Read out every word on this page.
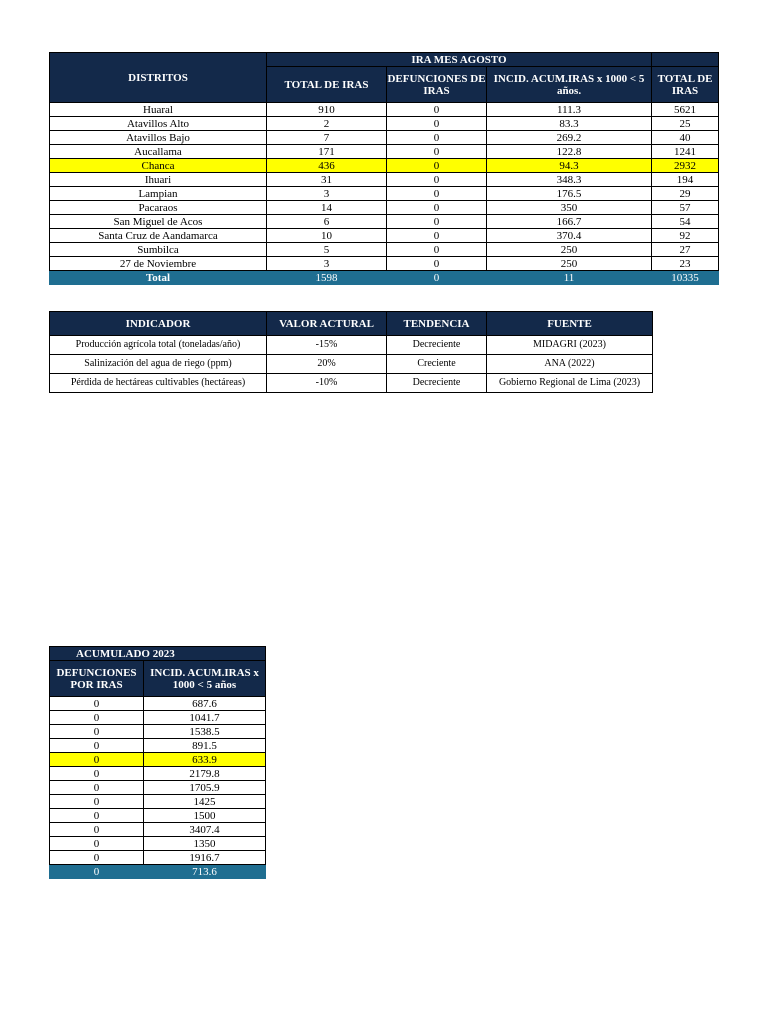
DISTRITOS	IRA MES AGOSTO			
	TOTAL DE IRAS	DEFUNCIONES DE IRAS	INCID. ACUM.IRAS x 1000 < 5 años.	TOTAL DE IRAS
Huaral	910	0	111.3	5621
Atavillos Alto	2	0	83.3	25
Atavillos Bajo	7	0	269.2	40
Aucallama	171	0	122.8	1241
Chanca	436	0	94.3	2932
Ihuari	31	0	348.3	194
Lampian	3	0	176.5	29
Pacaraos	14	0	350	57
San Miguel de Acos	6	0	166.7	54
Santa Cruz de Aandamarca	10	0	370.4	92
Sumbilca	5	0	250	27
27 de Noviembre	3	0	250	23
Total	1598	0	11	10335
INDICADOR	VALOR ACTURAL	TENDENCIA	FUENTE
Producción agrícola total (toneladas/año)	-15%	Decreciente	MIDAGRI (2023)
Salinización del agua de riego (ppm)	20%	Creciente	ANA (2022)
Pérdida de hectáreas cultivables (hectáreas)	-10%	Decreciente	Gobierno Regional de Lima (2023)
ACUMULADO 2023	
DEFUNCIONES POR IRAS	INCID. ACUM.IRAS x 1000 < 5 años
0	687.6
0	1041.7
0	1538.5
0	891.5
0	633.9
0	2179.8
0	1705.9
0	1425
0	1500
0	3407.4
0	1350
0	1916.7
0	713.6
